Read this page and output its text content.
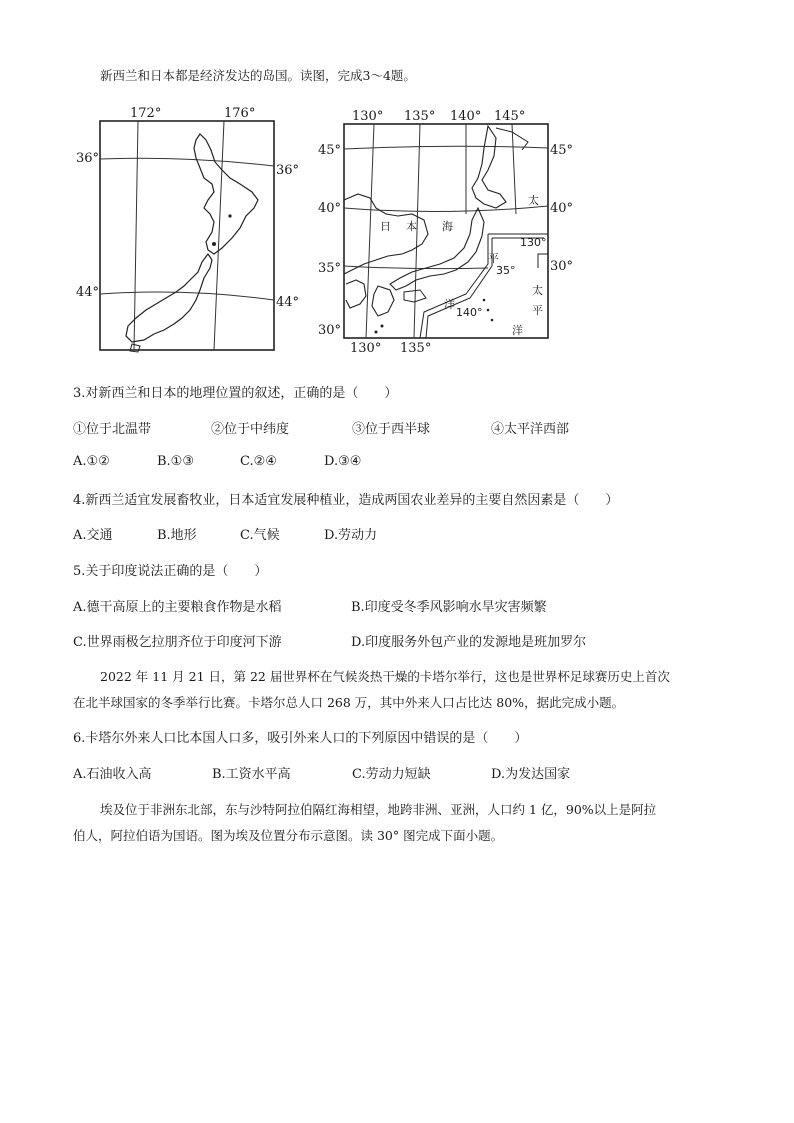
新西兰和日本都是经济发达的岛国。读图，完成3～4题。
172°	176°
36°
44°
36°
44°
130° 135° 140° 145°
130° 135°
45°
40°
35°
30°
45°
40°
30°
130°
35°
140°
日 本 海
太
平
洋
太
平
洋
3.对新西兰和日本的地理位置的叙述，正确的是（　　）
①位于北温带	②位于中纬度	③位于西半球	④太平洋西部
A.①②	B.①③	C.②④	D.③④
4.新西兰适宜发展畜牧业，日本适宜发展种植业，造成两国农业差异的主要自然因素是（　　）
A.交通	B.地形	C.气候	D.劳动力
5.关于印度说法正确的是（　　）
A.德干高原上的主要粮食作物是水稻	B.印度受冬季风影响水旱灾害频繁
C.世界雨极乞拉朋齐位于印度河下游	D.印度服务外包产业的发源地是班加罗尔
2022 年 11 月 21 日，第 22 届世界杯在气候炎热干燥的卡塔尔举行，这也是世界杯足球赛历史上首次
在北半球国家的冬季举行比赛。卡塔尔总人口 268 万，其中外来人口占比达 80%，据此完成小题。
6.卡塔尔外来人口比本国人口多，吸引外来人口的下列原因中错误的是（　　）
A.石油收入高	B.工资水平高	C.劳动力短缺	D.为发达国家
埃及位于非洲东北部，东与沙特阿拉伯隔红海相望，地跨非洲、亚洲，人口约 1 亿，90%以上是阿拉
伯人，阿拉伯语为国语。图为埃及位置分布示意图。读 30° 图完成下面小题。
